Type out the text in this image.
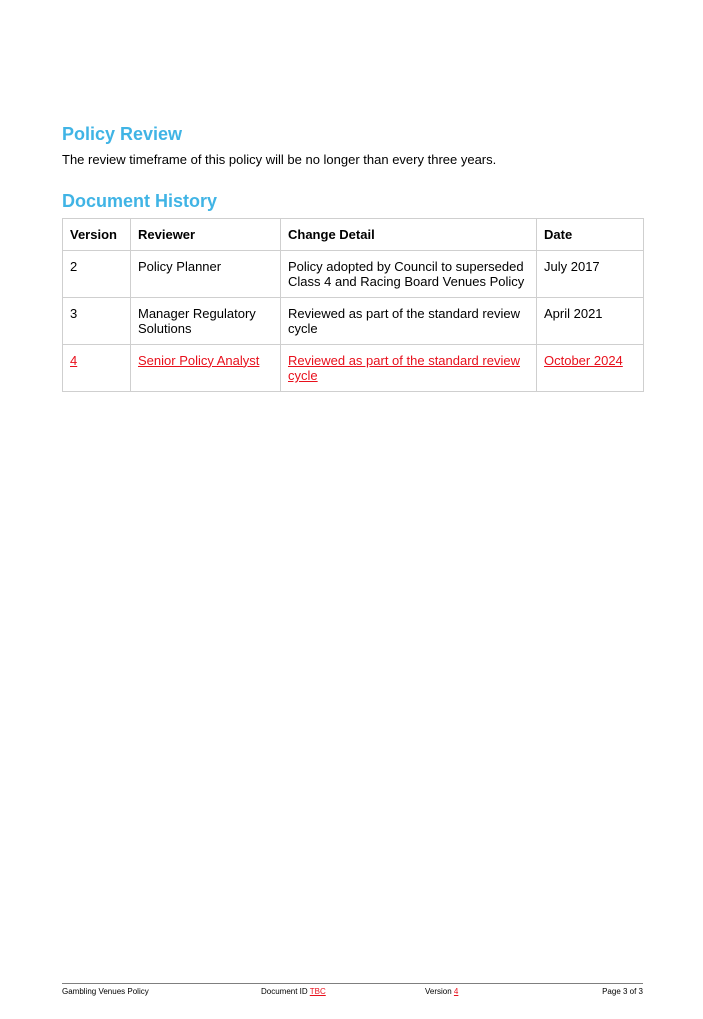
Policy Review

The review timeframe of this policy will be no longer than every three years.

Document History
Version	Reviewer	Change Detail	Date
2	Policy Planner	Policy adopted by Council to superseded Class 4 and Racing Board Venues Policy	July 2017
3	Manager Regulatory Solutions	Reviewed as part of the standard review cycle	April 2021
4	Senior Policy Analyst	Reviewed as part of the standard review cycle	October 2024
Gambling Venues Policy	Document ID TBC	Version 4	Page 3 of 3
